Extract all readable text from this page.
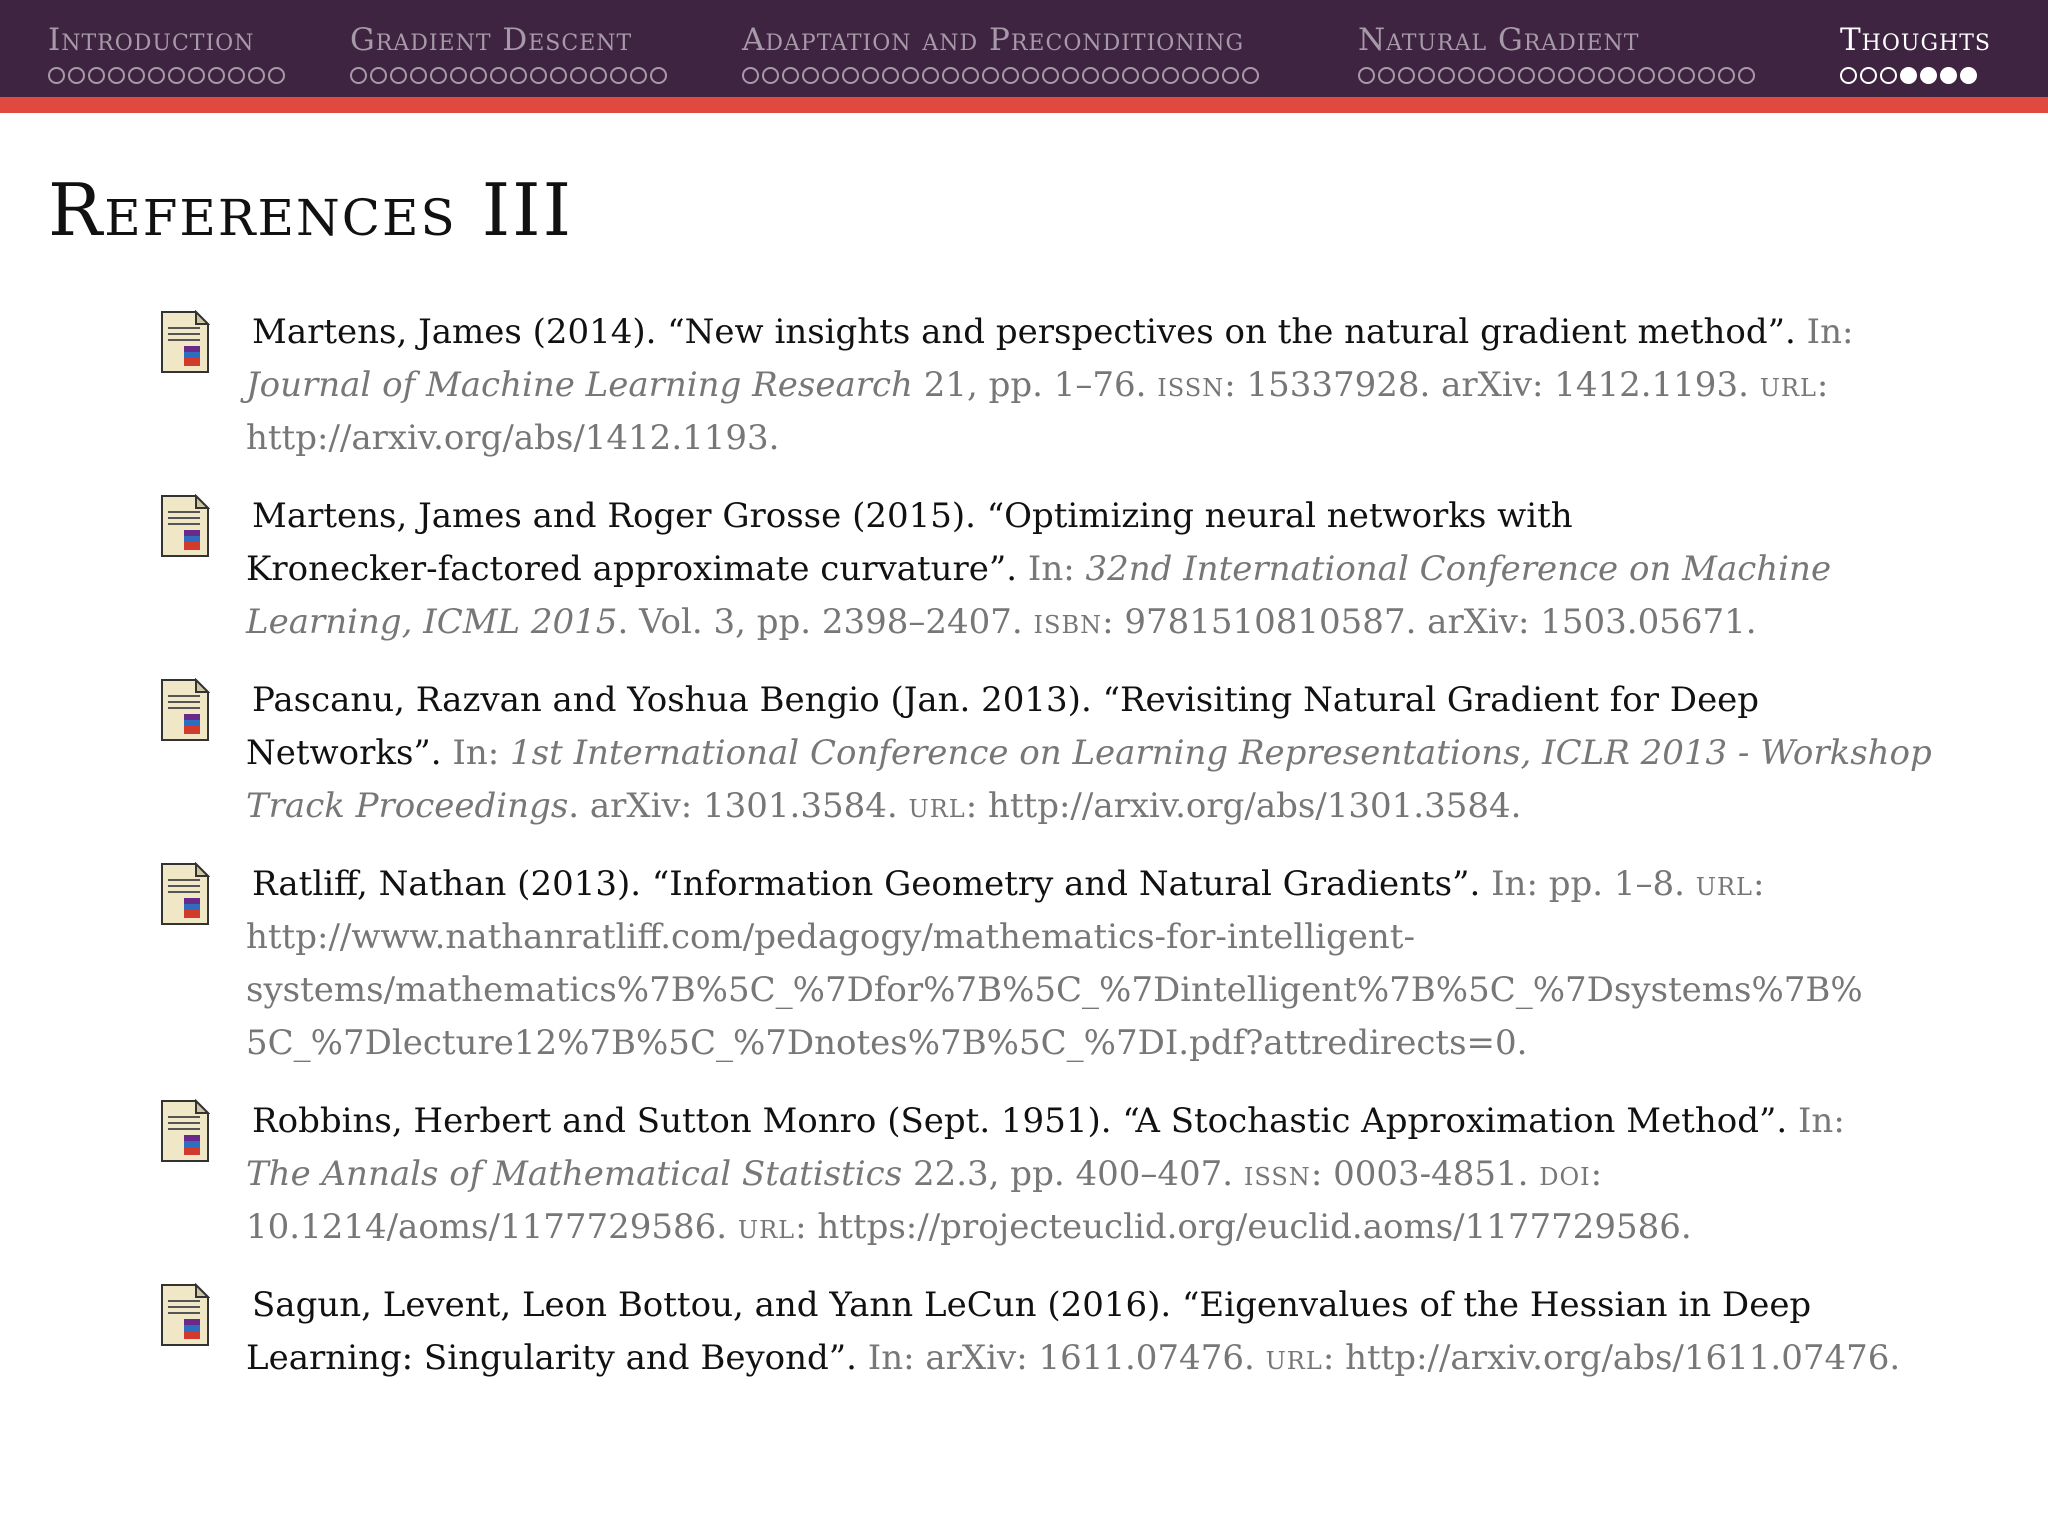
Introduction	Gradient Descent	Adaptation and Preconditioning	Natural Gradient	Thoughts
References III

Martens, James (2014). “New insights and perspectives on the natural gradient method”. In:
Journal of Machine Learning Research 21, pp. 1–76. issn: 15337928. arXiv: 1412.1193. url:
http://arxiv.org/abs/1412.1193.

Martens, James and Roger Grosse (2015). “Optimizing neural networks with
Kronecker-factored approximate curvature”. In: 32nd International Conference on Machine
Learning, ICML 2015. Vol. 3, pp. 2398–2407. isbn: 9781510810587. arXiv: 1503.05671.

Pascanu, Razvan and Yoshua Bengio (Jan. 2013). “Revisiting Natural Gradient for Deep
Networks”. In: 1st International Conference on Learning Representations, ICLR 2013 - Workshop
Track Proceedings. arXiv: 1301.3584. url: http://arxiv.org/abs/1301.3584.

Ratliff, Nathan (2013). “Information Geometry and Natural Gradients”. In: pp. 1–8. url:
http://www.nathanratliff.com/pedagogy/mathematics-for-intelligent-
systems/mathematics%7B%5C_%7Dfor%7B%5C_%7Dintelligent%7B%5C_%7Dsystems%7B%
5C_%7Dlecture12%7B%5C_%7Dnotes%7B%5C_%7DI.pdf?attredirects=0.

Robbins, Herbert and Sutton Monro (Sept. 1951). “A Stochastic Approximation Method”. In:
The Annals of Mathematical Statistics 22.3, pp. 400–407. issn: 0003-4851. doi:
10.1214/aoms/1177729586. url: https://projecteuclid.org/euclid.aoms/1177729586.

Sagun, Levent, Leon Bottou, and Yann LeCun (2016). “Eigenvalues of the Hessian in Deep
Learning: Singularity and Beyond”. In: arXiv: 1611.07476. url: http://arxiv.org/abs/1611.07476.
